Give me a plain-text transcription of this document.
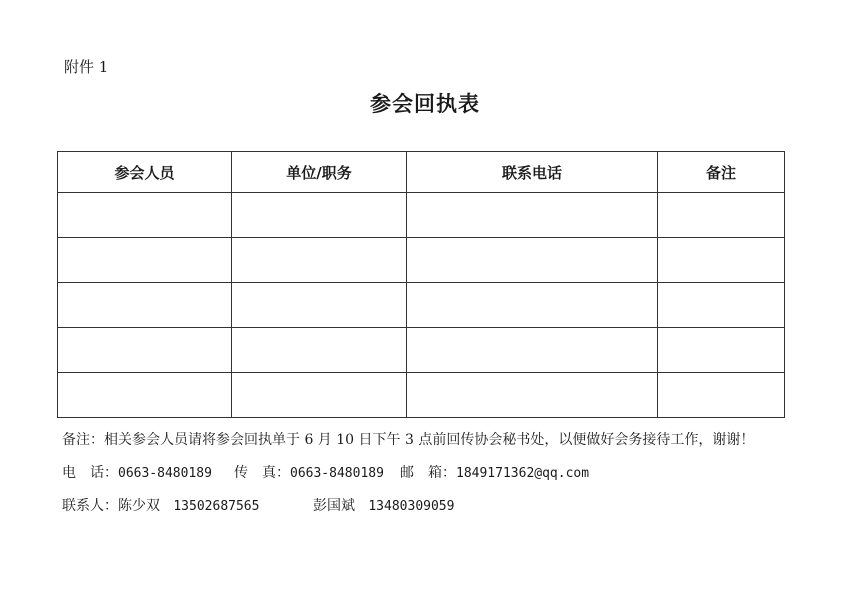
附件 1
参会回执表
参会人员	单位/职务	联系电话	备注

备注：相关参会人员请将参会回执单于 6 月 10 日下午 3 点前回传协会秘书处，以便做好会务接待工作，谢谢！
电　话：0663-8480189 传　真：0663-8480189 邮　箱：1849171362@qq.com
联系人：陈少双 13502687565	彭国斌 13480309059
